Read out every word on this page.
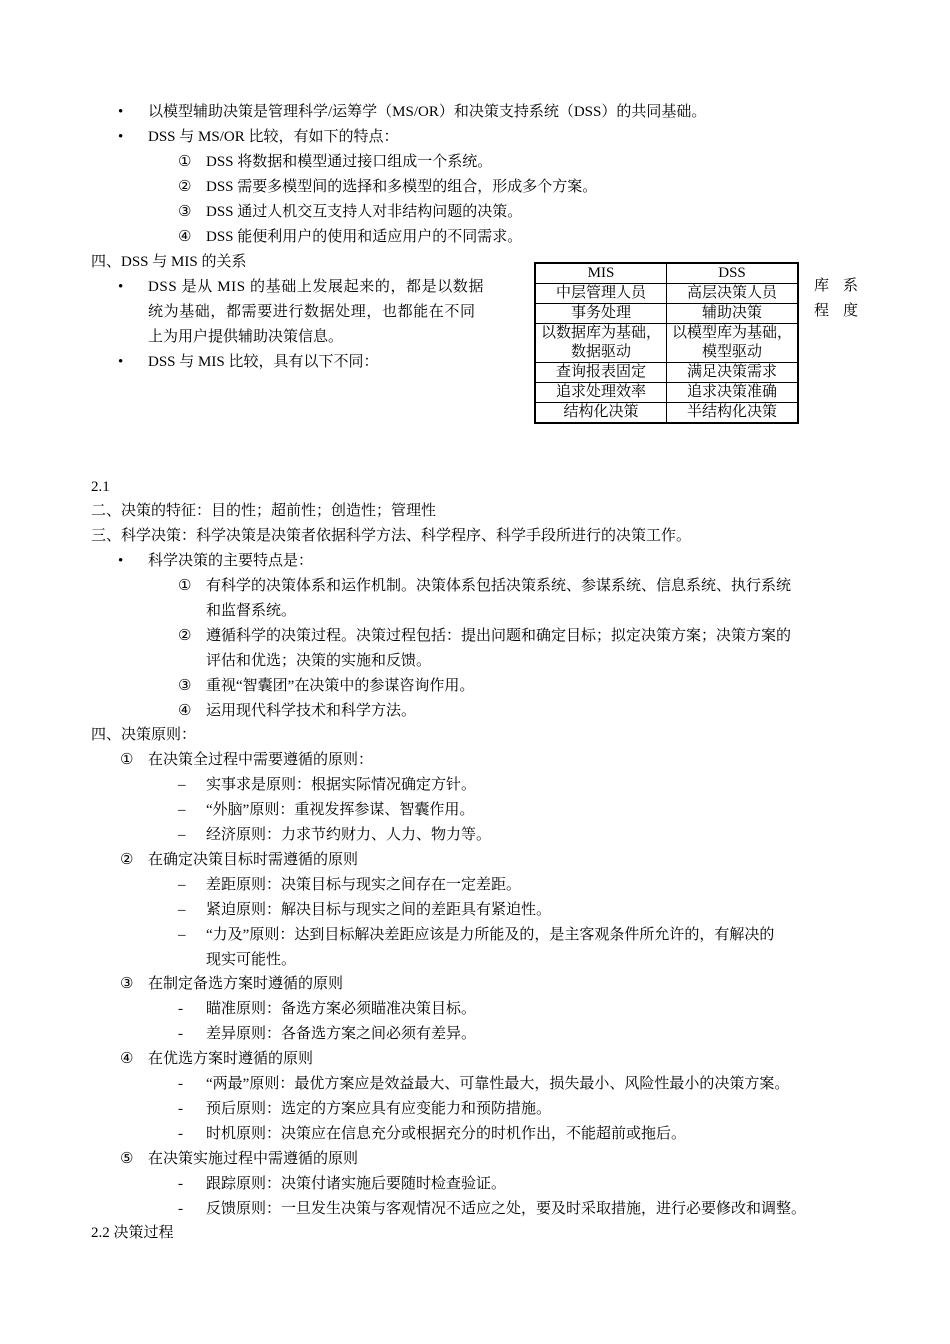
• 以模型辅助决策是管理科学/运筹学（MS/OR）和决策支持系统（DSS）的共同基础。
• DSS 与 MS/OR 比较，有如下的特点：
① DSS 将数据和模型通过接口组成一个系统。
② DSS 需要多模型间的选择和多模型的组合，形成多个方案。
③ DSS 通过人机交互支持人对非结构问题的决策。
④ DSS 能便利用户的使用和适应用户的不同需求。
四、DSS 与 MIS 的关系
• DSS 是从 MIS 的基础上发展起来的，都是以数据
统为基础，都需要进行数据处理，也都能在不同
上为用户提供辅助决策信息。
• DSS 与 MIS 比较，具有以下不同：
MIS	DSS
中层管理人员	高层决策人员
事务处理	辅助决策
以数据库为基础，数据驱动	以模型库为基础，模型驱动
查询报表固定	满足决策需求
追求处理效率	追求决策准确
结构化决策	半结构化决策
库系
程度
2.1
二、决策的特征：目的性；超前性；创造性；管理性
三、科学决策：科学决策是决策者依据科学方法、科学程序、科学手段所进行的决策工作。
• 科学决策的主要特点是：
① 有科学的决策体系和运作机制。决策体系包括决策系统、参谋系统、信息系统、执行系统
和监督系统。
② 遵循科学的决策过程。决策过程包括：提出问题和确定目标；拟定决策方案；决策方案的
评估和优选；决策的实施和反馈。
③ 重视“智囊团”在决策中的参谋咨询作用。
④ 运用现代科学技术和科学方法。
四、决策原则：
① 在决策全过程中需要遵循的原则：
– 实事求是原则：根据实际情况确定方针。
– “外脑”原则：重视发挥参谋、智囊作用。
– 经济原则：力求节约财力、人力、物力等。
② 在确定决策目标时需遵循的原则
– 差距原则：决策目标与现实之间存在一定差距。
– 紧迫原则：解决目标与现实之间的差距具有紧迫性。
– “力及”原则：达到目标解决差距应该是力所能及的，是主客观条件所允许的，有解决的
现实可能性。
③ 在制定备选方案时遵循的原则
- 瞄准原则：备选方案必须瞄准决策目标。
- 差异原则：各备选方案之间必须有差异。
④ 在优选方案时遵循的原则
- “两最”原则：最优方案应是效益最大、可靠性最大，损失最小、风险性最小的决策方案。
- 预后原则：选定的方案应具有应变能力和预防措施。
- 时机原则：决策应在信息充分或根据充分的时机作出，不能超前或拖后。
⑤ 在决策实施过程中需遵循的原则
- 跟踪原则：决策付诸实施后要随时检查验证。
- 反馈原则：一旦发生决策与客观情况不适应之处，要及时采取措施，进行必要修改和调整。
2.2 决策过程
